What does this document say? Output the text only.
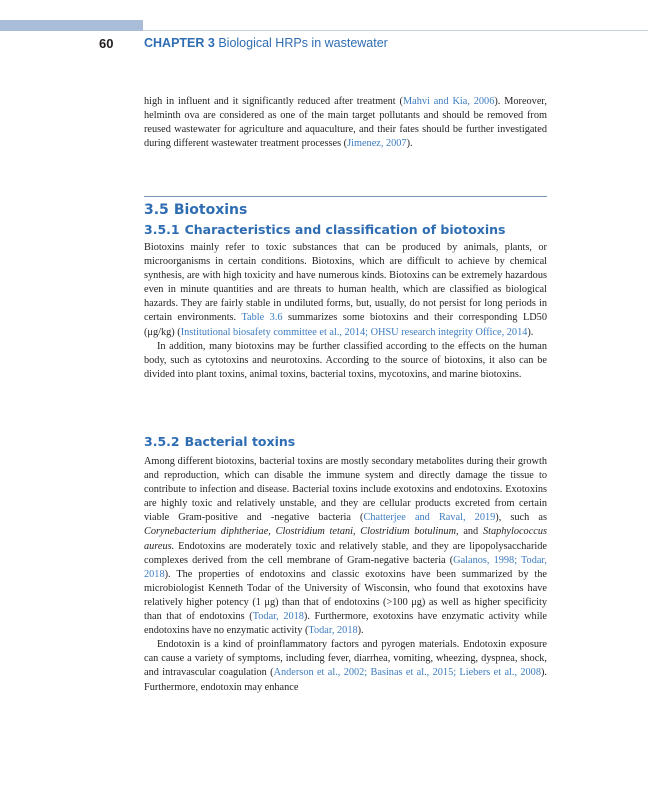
60 CHAPTER 3 Biological HRPs in wastewater

high in influent and it significantly reduced after treatment (Mahvi and Kia, 2006). Moreover, helminth ova are considered as one of the main target pollutants and should be removed from reused wastewater for agriculture and aquaculture, and their fates should be further investigated during different wastewater treatment processes (Jimenez, 2007).

3.5 Biotoxins
3.5.1 Characteristics and classification of biotoxins

Biotoxins mainly refer to toxic substances that can be produced by animals, plants, or microorganisms in certain conditions. Biotoxins, which are difficult to achieve by chemical synthesis, are with high toxicity and have numerous kinds. Biotoxins can be extremely hazardous even in minute quantities and are threats to human health, which are classified as biological hazards. They are fairly stable in undiluted forms, but, usually, do not persist for long periods in certain environments. Table 3.6 summarizes some biotoxins and their corresponding LD50 (μg/kg) (Institutional biosafety committee et al., 2014; OHSU research integrity Office, 2014).

In addition, many biotoxins may be further classified according to the effects on the human body, such as cytotoxins and neurotoxins. According to the source of biotoxins, it also can be divided into plant toxins, animal toxins, bacterial toxins, mycotoxins, and marine biotoxins.

3.5.2 Bacterial toxins

Among different biotoxins, bacterial toxins are mostly secondary metabolites during their growth and reproduction, which can disable the immune system and directly damage the tissue to contribute to infection and disease. Bacterial toxins include exotoxins and endotoxins. Exotoxins are highly toxic and relatively unstable, and they are cellular products excreted from certain viable Gram-positive and -negative bacteria (Chatterjee and Raval, 2019), such as Corynebacterium diphtheriae, Clostridium tetani, Clostridium botulinum, and Staphylococcus aureus. Endotoxins are moderately toxic and relatively stable, and they are lipopolysaccharide complexes derived from the cell membrane of Gram-negative bacteria (Galanos, 1998; Todar, 2018). The properties of endotoxins and classic exotoxins have been summarized by the microbiologist Kenneth Todar of the University of Wisconsin, who found that exotoxins have relatively higher potency (1 μg) than that of endotoxins (>100 μg) as well as higher specificity than that of endotoxins (Todar, 2018). Furthermore, exotoxins have enzymatic activity while endotoxins have no enzymatic activity (Todar, 2018).

Endotoxin is a kind of proinflammatory factors and pyrogen materials. Endotoxin exposure can cause a variety of symptoms, including fever, diarrhea, vomiting, wheezing, dyspnea, shock, and intravascular coagulation (Anderson et al., 2002; Basinas et al., 2015; Liebers et al., 2008). Furthermore, endotoxin may enhance
